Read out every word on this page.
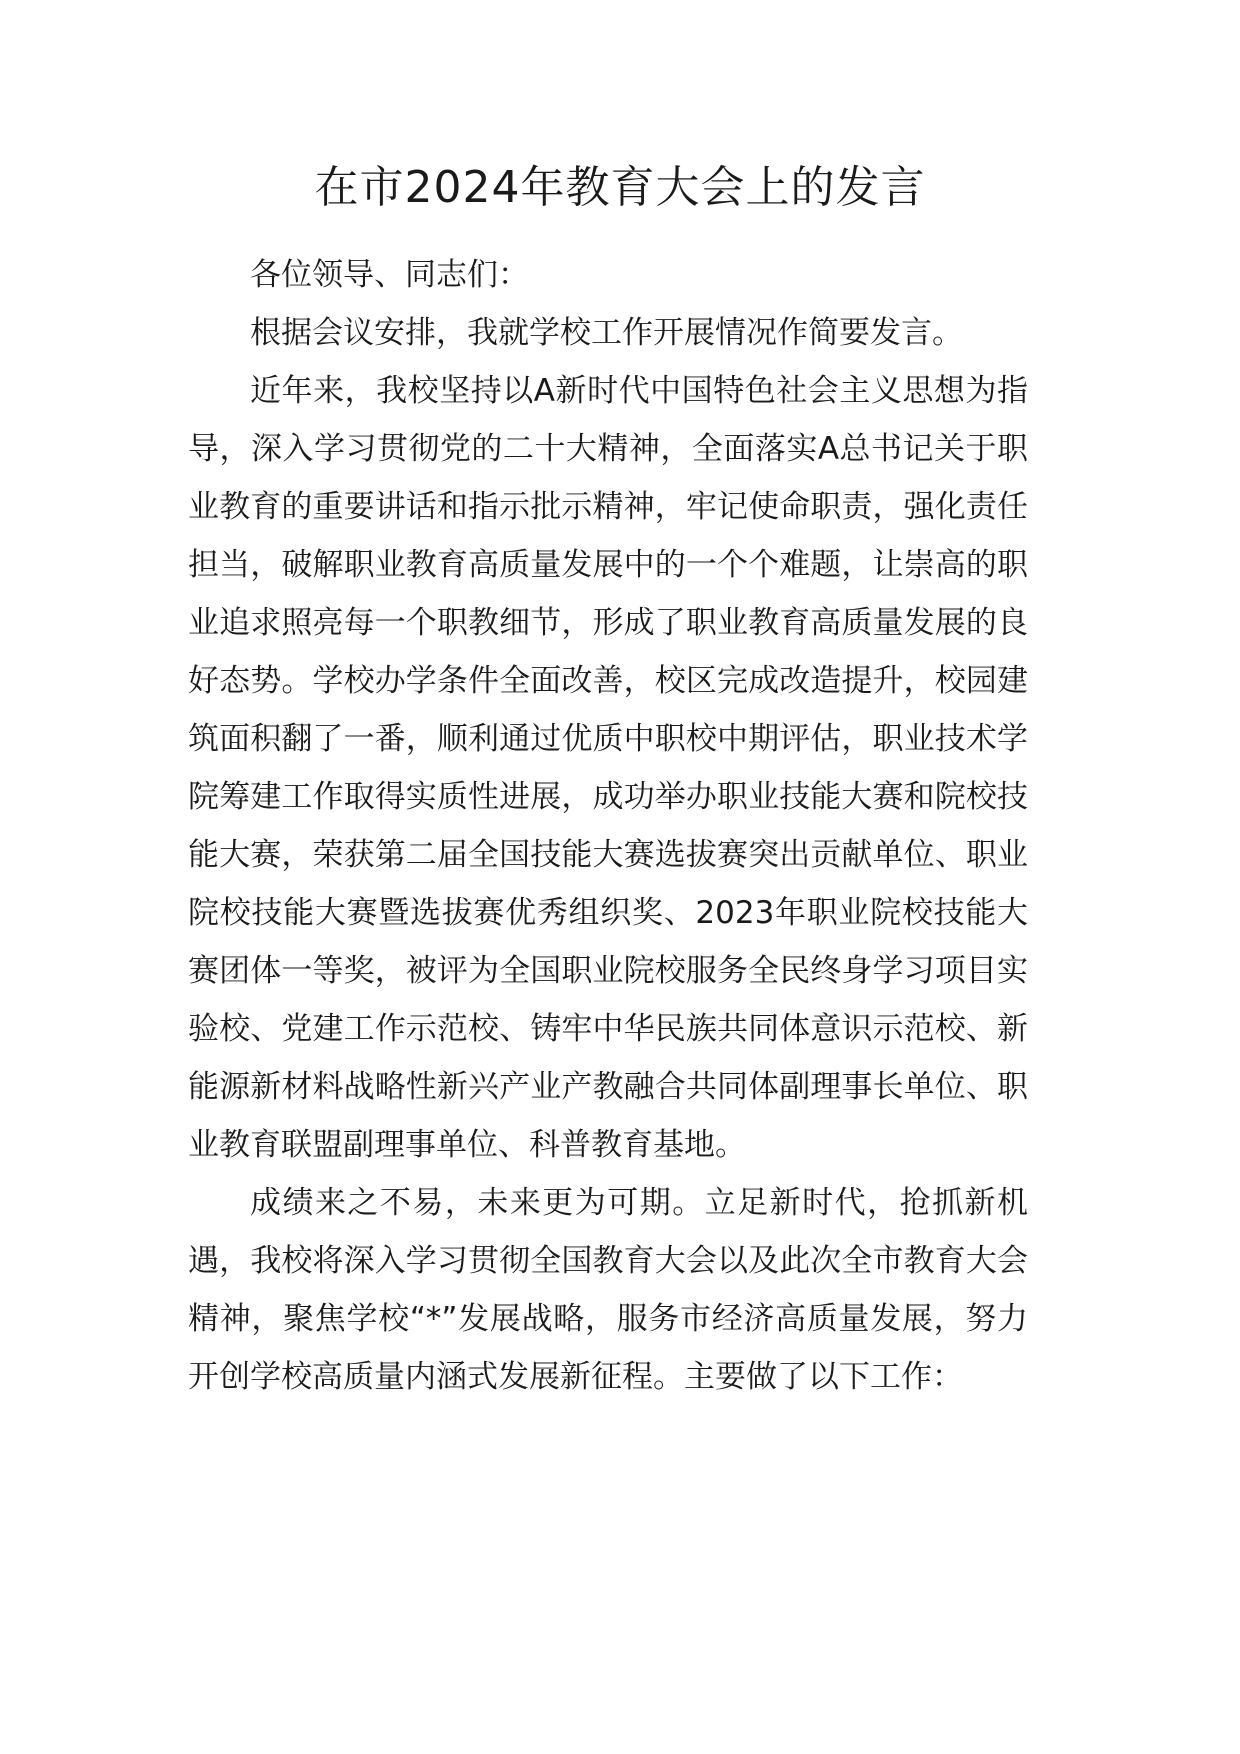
在市2024年教育大会上的发言

各位领导、同志们：

根据会议安排，我就学校工作开展情况作简要发言。

近年来，我校坚持以A新时代中国特色社会主义思想为指导，深入学习贯彻党的二十大精神，全面落实A总书记关于职业教育的重要讲话和指示批示精神，牢记使命职责，强化责任担当，破解职业教育高质量发展中的一个个难题，让崇高的职业追求照亮每一个职教细节，形成了职业教育高质量发展的良好态势。学校办学条件全面改善，校区完成改造提升，校园建筑面积翻了一番，顺利通过优质中职校中期评估，职业技术学院筹建工作取得实质性进展，成功举办职业技能大赛和院校技能大赛，荣获第二届全国技能大赛选拔赛突出贡献单位、职业院校技能大赛暨选拔赛优秀组织奖、2023年职业院校技能大赛团体一等奖，被评为全国职业院校服务全民终身学习项目实验校、党建工作示范校、铸牢中华民族共同体意识示范校、新能源新材料战略性新兴产业产教融合共同体副理事长单位、职业教育联盟副理事单位、科普教育基地。

成绩来之不易，未来更为可期。立足新时代，抢抓新机遇，我校将深入学习贯彻全国教育大会以及此次全市教育大会精神，聚焦学校“*”发展战略，服务市经济高质量发展，努力开创学校高质量内涵式发展新征程。主要做了以下工作：
